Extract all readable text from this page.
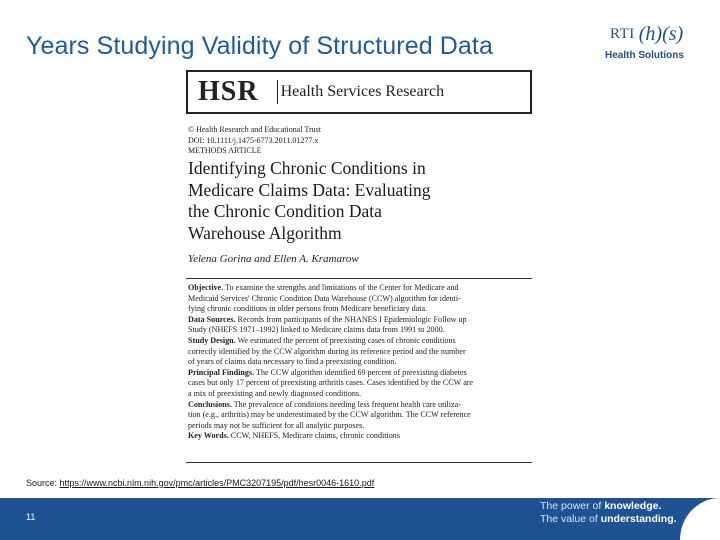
Years Studying Validity of Structured Data	RTI (h)(s)
Health Solutions
HSR Health Services Research
© Health Research and Educational Trust
DOI: 10.1111/j.1475-6773.2011.01277.x
METHODS ARTICLE
Identifying Chronic Conditions in
Medicare Claims Data: Evaluating
the Chronic Condition Data
Warehouse Algorithm
Yelena Gorina and Ellen A. Kramarow
Objective. To examine the strengths and limitations of the Center for Medicare and
Medicaid Services' Chronic Condition Data Warehouse (CCW) algorithm for identi-
fying chronic conditions in older persons from Medicare beneficiary data.
Data Sources. Records from participants of the NHANES I Epidemiologic Follow up
Study (NHEFS 1971–1992) linked to Medicare claims data from 1991 to 2000.
Study Design. We estimated the percent of preexisting cases of chronic conditions
correctly identified by the CCW algorithm during its reference period and the number
of years of claims data necessary to find a preexisting condition.
Principal Findings. The CCW algorithm identified 69 percent of preexisting diabetes
cases but only 17 percent of preexisting arthritis cases. Cases identified by the CCW are
a mix of preexisting and newly diagnosed conditions.
Conclusions. The prevalence of conditions needing less frequent health care utiliza-
tion (e.g., arthritis) may be underestimated by the CCW algorithm. The CCW reference
periods may not be sufficient for all analytic purposes.
Key Words. CCW, NHEFS, Medicare claims, chronic conditions
Source: https://www.ncbi.nlm.nih.gov/pmc/articles/PMC3207195/pdf/hesr0046-1610.pdf
11
The power of knowledge.
The value of understanding.
